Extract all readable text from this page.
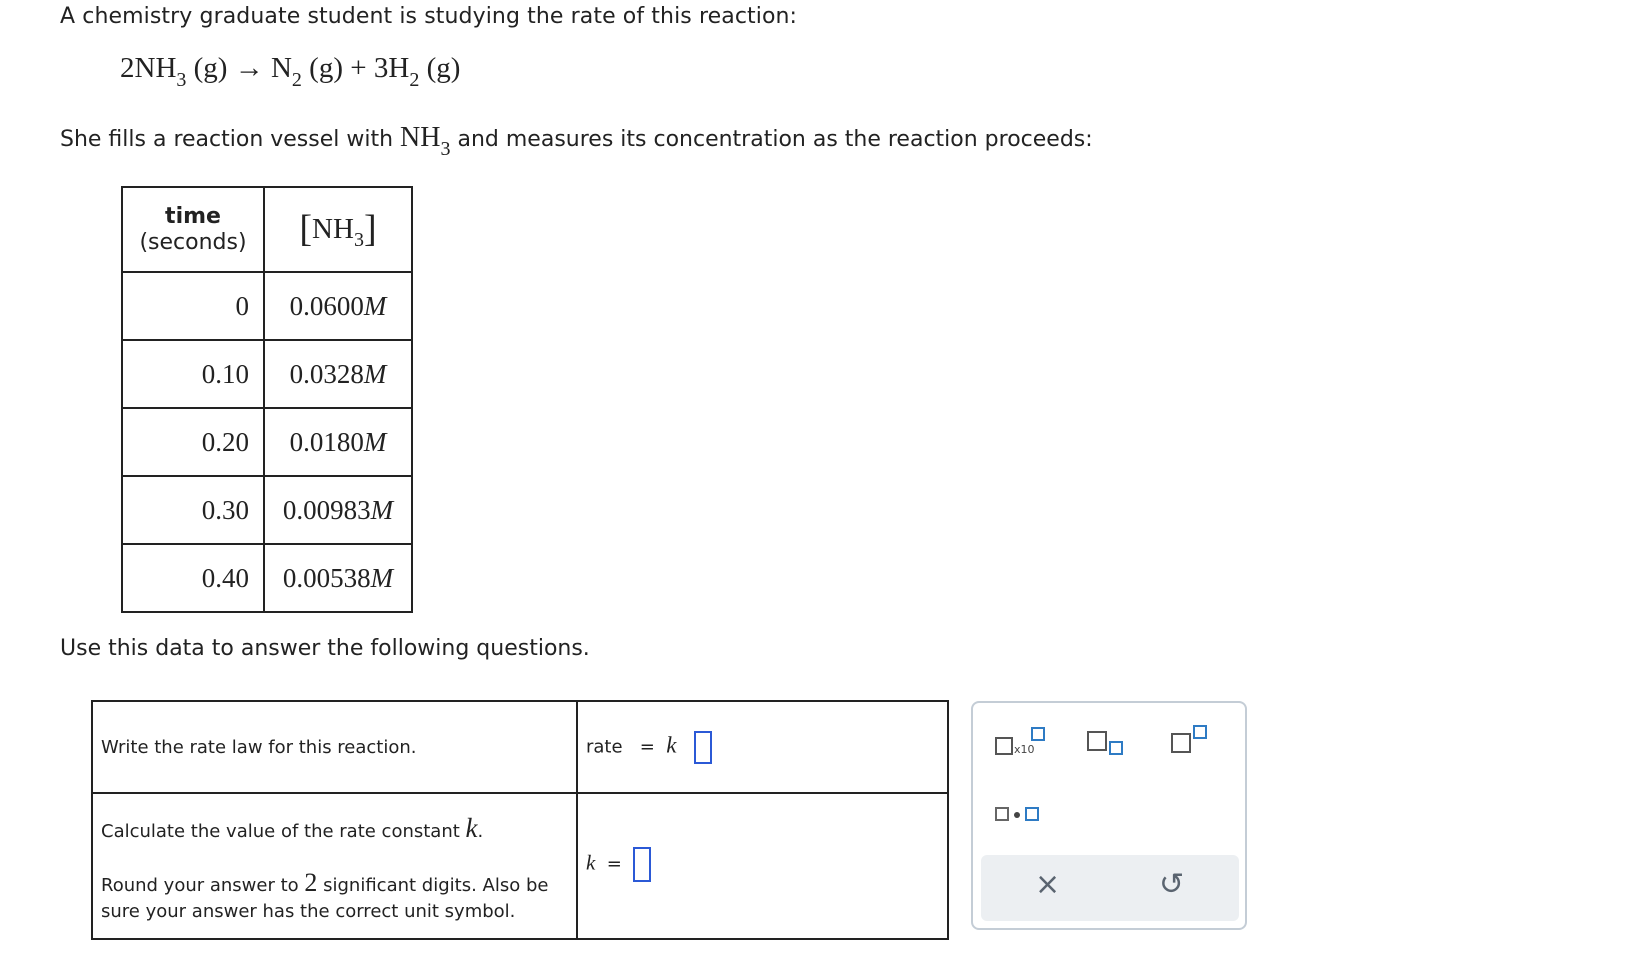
A chemistry graduate student is studying the rate of this reaction:
$2NH_3$ $(g) \to N_2$ $(g) + 3H_2$ (g)
She fills a reaction vessel with $NH_3$ and measures its concentration as the reaction proceeds:
time
(seconds)	$[NH_3]$
0	0.0600M
0.10	0.0328M
0.20	0.0180M
0.30	0.00983M
0.40	0.00538M
Use this data to answer the following questions.
Write the rate law for this reaction.	rate = k

Calculate the value of the rate constant k.
Round your answer to 2 significant digits. Also be sure your answer has the correct unit symbol.	k =
x10
×	↺
